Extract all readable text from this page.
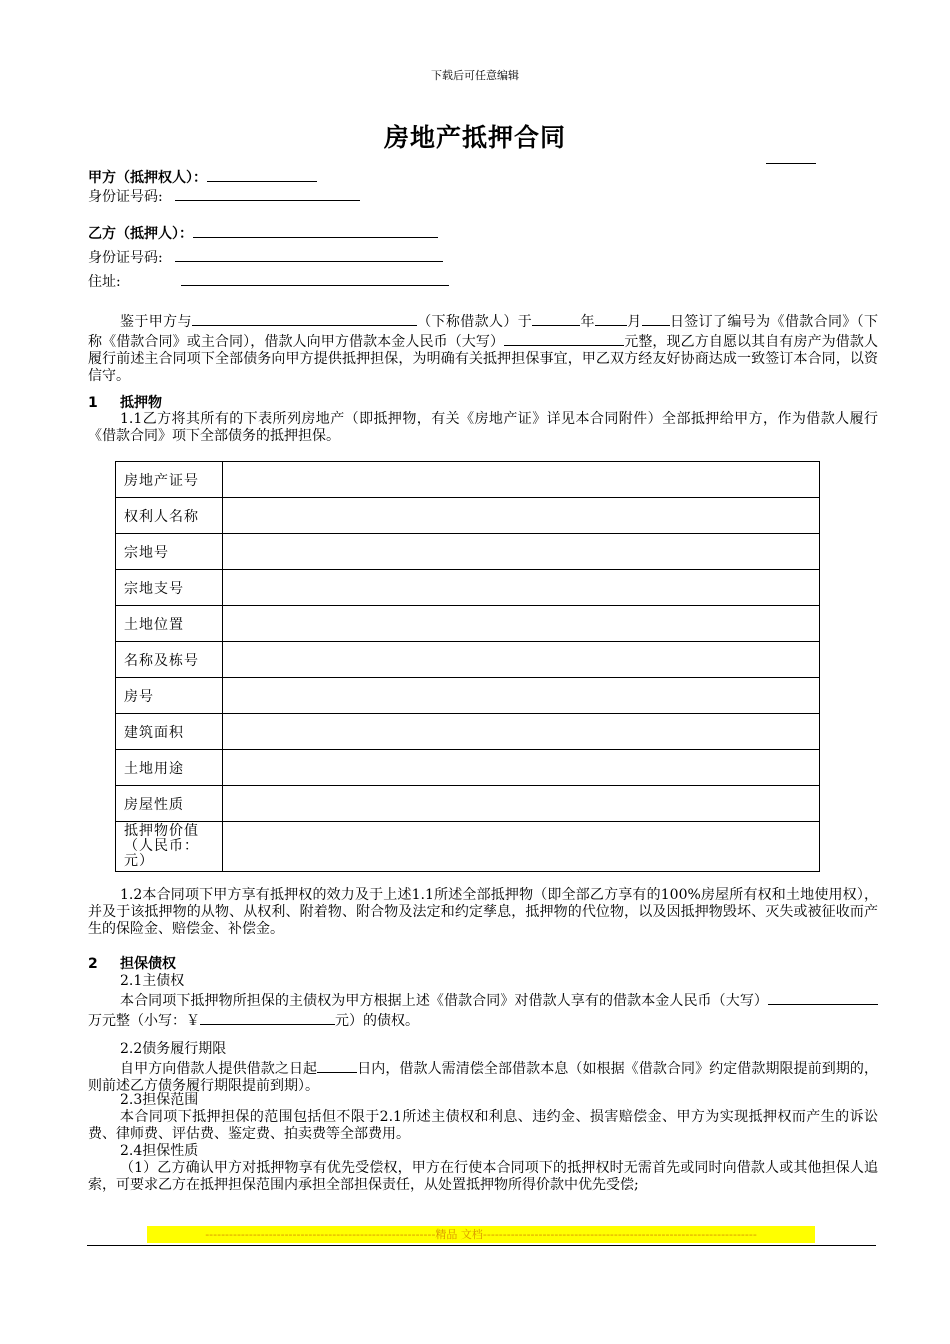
下载后可任意编辑
房地产抵押合同
甲方（抵押权人）：
身份证号码:
乙方（抵押人）：
身份证号码:
住址:
鉴于甲方与	（下称借款人）于	年 月 日签订了编号为《借款合同》（下称《借款合同》或主合同），借款人向甲方借款本金人民币（大写）	元整，现乙方自愿以其自有房产为借款人履行前述主合同项下全部债务向甲方提供抵押担保，为明确有关抵押担保事宜，甲乙双方经友好协商达成一致签订本合同，以资信守。
1 抵押物
1.1乙方将其所有的下表所列房地产（即抵押物，有关《房地产证》详见本合同附件）全部抵押给甲方，作为借款人履行《借款合同》项下全部债务的抵押担保。
房地产证号	
权利人名称	
宗地号	
宗地支号	
土地位置	
名称及栋号	
房号	
建筑面积	
土地用途	
房屋性质	
抵押物价值（人民币：元）	
1.2本合同项下甲方享有抵押权的效力及于上述1.1所述全部抵押物（即全部乙方享有的100%房屋所有权和土地使用权），并及于该抵押物的从物、从权利、附着物、附合物及法定和约定孳息，抵押物的代位物，以及因抵押物毁坏、灭失或被征收而产生的保险金、赔偿金、补偿金。
2 担保债权
2.1主债权
本合同项下抵押物所担保的主债权为甲方根据上述《借款合同》对借款人享有的借款本金人民币（大写）万元整（小写：￥	元）的债权。
2.2债务履行期限
自甲方向借款人提供借款之日起	日内，借款人需清偿全部借款本息（如根据《借款合同》约定借款期限提前到期的，则前述乙方债务履行期限提前到期）。
2.3担保范围
本合同项下抵押担保的范围包括但不限于2.1所述主债权和利息、违约金、损害赔偿金、甲方为实现抵押权而产生的诉讼费、律师费、评估费、鉴定费、拍卖费等全部费用。
2.4担保性质
（1）乙方确认甲方对抵押物享有优先受偿权，甲方在行使本合同项下的抵押权时无需首先或同时向借款人或其他担保人追索，可要求乙方在抵押担保范围内承担全部担保责任，从处置抵押物所得价款中优先受偿;
----------------------------------------------------------精品 文档---------------------------------------------------------------------
